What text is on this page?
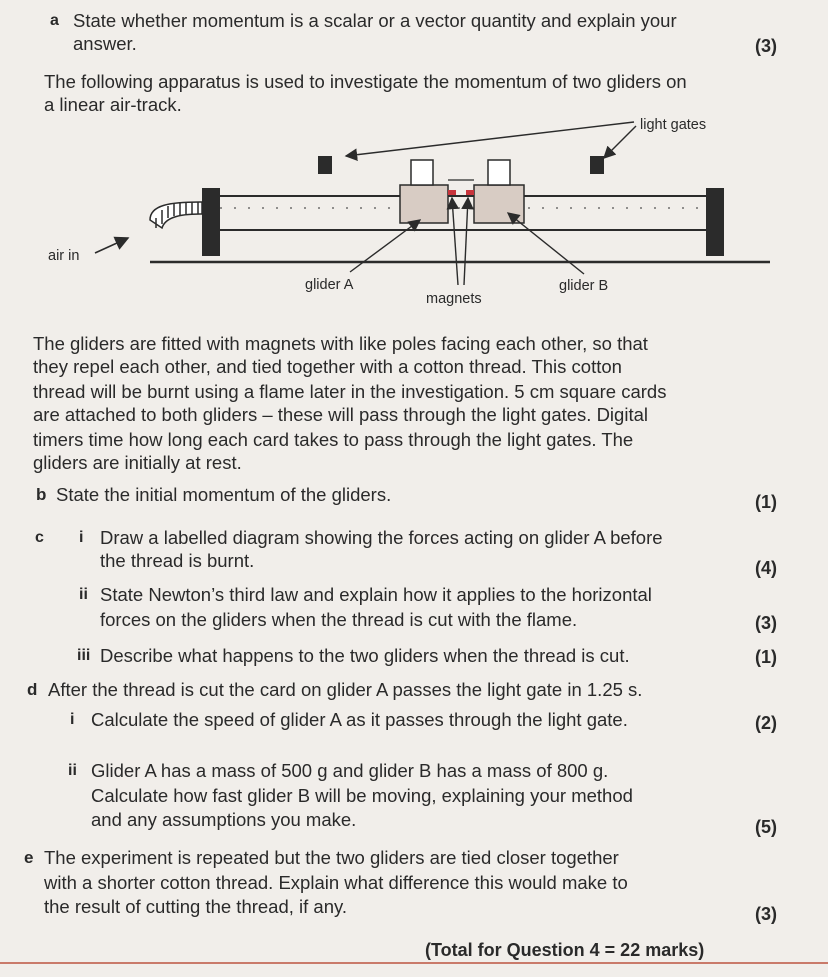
a State whether momentum is a scalar or a vector quantity and explain your
answer.	(3)
The following apparatus is used to investigate the momentum of two gliders on
a linear air-track.
light gates
air in
glider A	glider B
magnets
The gliders are fitted with magnets with like poles facing each other, so that
they repel each other, and tied together with a cotton thread. This cotton
thread will be burnt using a flame later in the investigation. 5 cm square cards
are attached to both gliders – these will pass through the light gates. Digital
timers time how long each card takes to pass through the light gates. The
gliders are initially at rest.
b State the initial momentum of the gliders.	(1)
c i Draw a labelled diagram showing the forces acting on glider A before
the thread is burnt.	(4)
ii State Newton’s third law and explain how it applies to the horizontal
forces on the gliders when the thread is cut with the flame.	(3)
iii Describe what happens to the two gliders when the thread is cut.	(1)
d After the thread is cut the card on glider A passes the light gate in 1.25 s.
i Calculate the speed of glider A as it passes through the light gate.	(2)
ii Glider A has a mass of 500 g and glider B has a mass of 800 g.
Calculate how fast glider B will be moving, explaining your method
and any assumptions you make.	(5)
e The experiment is repeated but the two gliders are tied closer together
with a shorter cotton thread. Explain what difference this would make to
the result of cutting the thread, if any.	(3)
(Total for Question 4 = 22 marks)
